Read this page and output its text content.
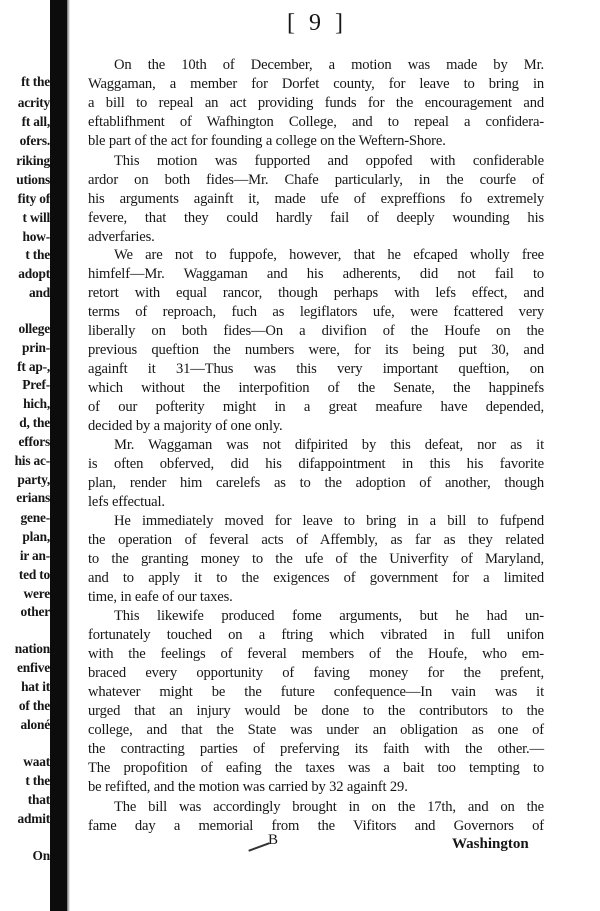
ft the
acrity
ft all,
ofers.
riking
utions
fity of
t will
how-
t the
adopt
and
ollege
prin-
ft ap-,
Pref-
hich,
d, the
effors
his ac-
party,
erians
gene-
plan,
ir an-
ted to
were
other
nation
enfive
hat it
of the
aloné
waat
t the
that
admit
On
[ 9 ]
On the 10th of December, a motion was made by Mr.
Waggaman, a member for Dorfet county, for leave to bring in
a bill to repeal an act providing funds for the encouragement and
eftablifhment of Wafhington College, and to repeal a confidera-
ble part of the act for founding a college on the Weftern-Shore.
This motion was fupported and oppofed with confiderable
ardor on both fides—Mr. Chafe particularly, in the courfe of
his arguments againft it, made ufe of expreffions fo extremely
fevere, that they could hardly fail of deeply wounding his
adverfaries.
We are not to fuppofe, however, that he efcaped wholly free
himfelf—Mr. Waggaman and his adherents, did not fail to
retort with equal rancor, though perhaps with lefs effect, and
terms of reproach, fuch as legiflators ufe, were fcattered very
liberally on both fides—On a divifion of the Houfe on the
previous queftion the numbers were, for its being put 30, and
againft it 31—Thus was this very important queftion, on
which without the interpofition of the Senate, the happinefs
of our pofterity might in a great meafure have depended,
decided by a majority of one only.
Mr. Waggaman was not difpirited by this defeat, nor as it
is often obferved, did his difappointment in this his favorite
plan, render him carelefs as to the adoption of another, though
lefs effectual.
He immediately moved for leave to bring in a bill to fufpend
the operation of feveral acts of Affembly, as far as they related
to the granting money to the ufe of the Univerfity of Maryland,
and to apply it to the exigences of government for a limited
time, in eafe of our taxes.
This likewife produced fome arguments, but he had un-
fortunately touched on a ftring which vibrated in full unifon
with the feelings of feveral members of the Houfe, who em-
braced every opportunity of faving money for the prefent,
whatever might be the future confequence—In vain was it
urged that an injury would be done to the contributors to the
college, and that the State was under an obligation as one of
the contracting parties of preferving its faith with the other.—
The propofition of eafing the taxes was a bait too tempting to
be refifted, and the motion was carried by 32 againft 29.
The bill was accordingly brought in on the 17th, and on the
fame day a memorial from the Vifitors and Governors of
B	Washington
